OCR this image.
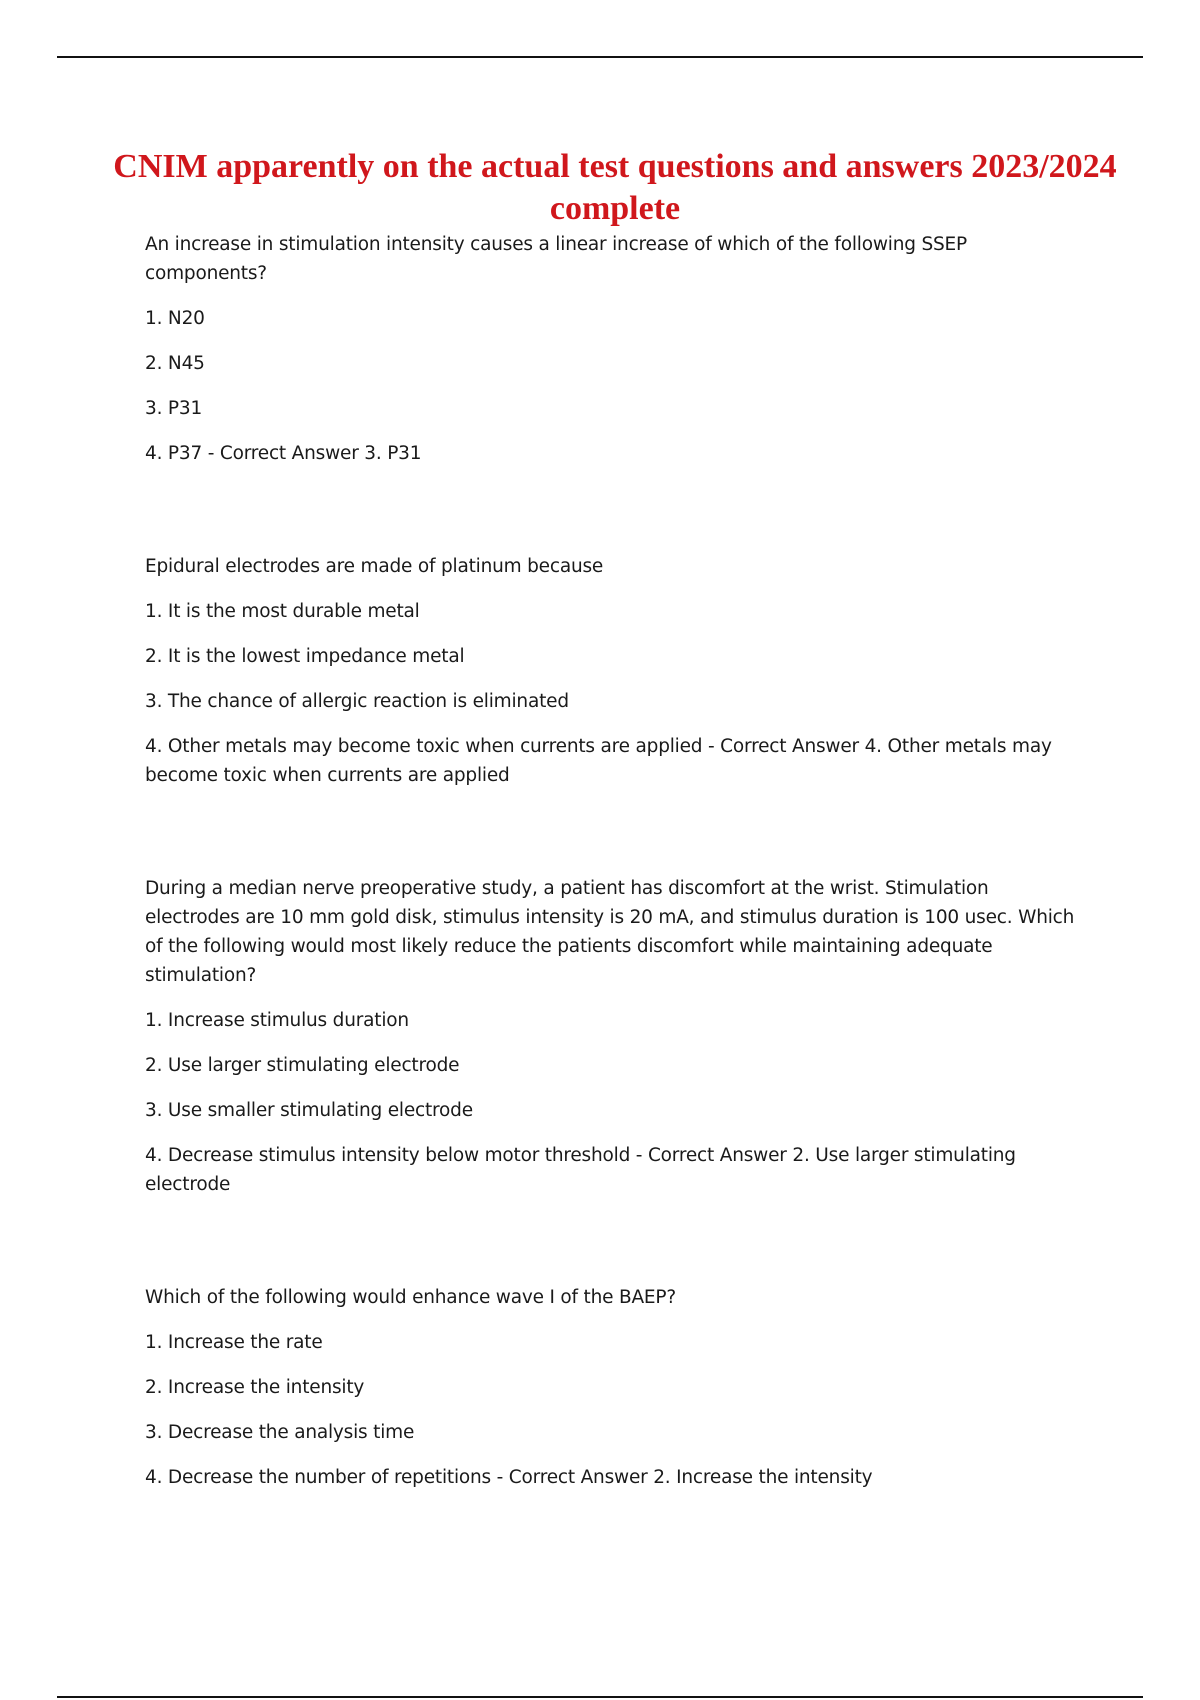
CNIM apparently on the actual test questions and answers 2023/2024 complete

An increase in stimulation intensity causes a linear increase of which of the following SSEP components?

1. N20

2. N45

3. P31

4. P37 - Correct Answer 3. P31

Epidural electrodes are made of platinum because

1. It is the most durable metal

2. It is the lowest impedance metal

3. The chance of allergic reaction is eliminated

4. Other metals may become toxic when currents are applied - Correct Answer 4. Other metals may become toxic when currents are applied

During a median nerve preoperative study, a patient has discomfort at the wrist. Stimulation electrodes are 10 mm gold disk, stimulus intensity is 20 mA, and stimulus duration is 100 usec. Which of the following would most likely reduce the patients discomfort while maintaining adequate stimulation?

1. Increase stimulus duration

2. Use larger stimulating electrode

3. Use smaller stimulating electrode

4. Decrease stimulus intensity below motor threshold - Correct Answer 2. Use larger stimulating electrode

Which of the following would enhance wave I of the BAEP?

1. Increase the rate

2. Increase the intensity

3. Decrease the analysis time

4. Decrease the number of repetitions - Correct Answer 2. Increase the intensity
